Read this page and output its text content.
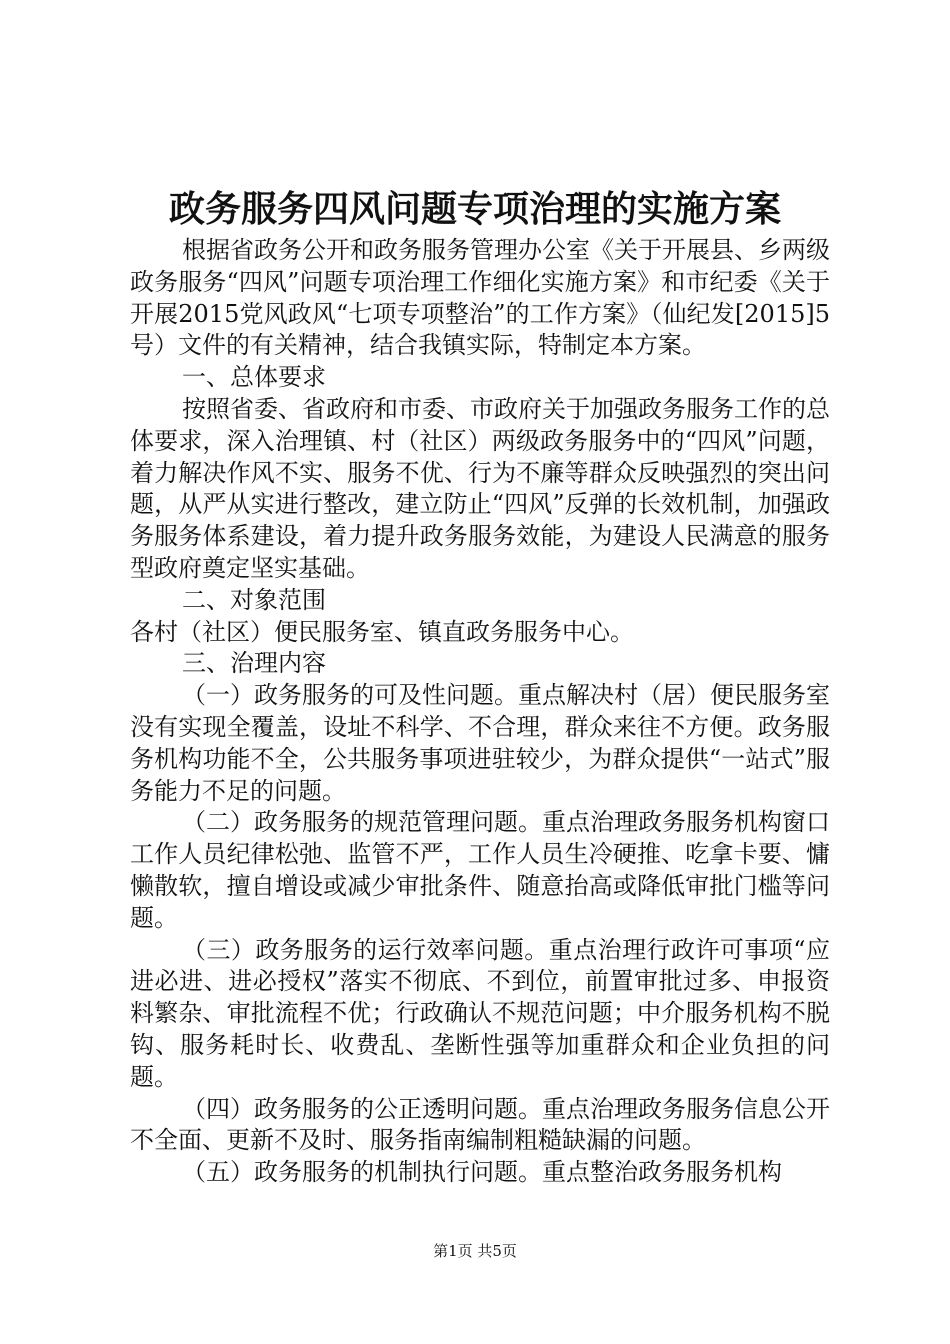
政务服务四风问题专项治理的实施方案

根据省政务公开和政务服务管理办公室《关于开展县、乡两级政务服务“四风”问题专项治理工作细化实施方案》和市纪委《关于开展2015党风政风“七项专项整治”的工作方案》（仙纪发[2015]5号）文件的有关精神，结合我镇实际，特制定本方案。

一、总体要求

按照省委、省政府和市委、市政府关于加强政务服务工作的总体要求，深入治理镇、村（社区）两级政务服务中的“四风”问题，着力解决作风不实、服务不优、行为不廉等群众反映强烈的突出问题，从严从实进行整改，建立防止“四风”反弹的长效机制，加强政务服务体系建设，着力提升政务服务效能，为建设人民满意的服务型政府奠定坚实基础。

二、对象范围

各村（社区）便民服务室、镇直政务服务中心。

三、治理内容

（一）政务服务的可及性问题。重点解决村（居）便民服务室没有实现全覆盖，设址不科学、不合理，群众来往不方便。政务服务机构功能不全，公共服务事项进驻较少，为群众提供“一站式”服务能力不足的问题。

（二）政务服务的规范管理问题。重点治理政务服务机构窗口工作人员纪律松弛、监管不严，工作人员生冷硬推、吃拿卡要、慵懒散软，擅自增设或减少审批条件、随意抬高或降低审批门槛等问题。

（三）政务服务的运行效率问题。重点治理行政许可事项“应进必进、进必授权”落实不彻底、不到位，前置审批过多、申报资料繁杂、审批流程不优；行政确认不规范问题；中介服务机构不脱钩、服务耗时长、收费乱、垄断性强等加重群众和企业负担的问题。

（四）政务服务的公正透明问题。重点治理政务服务信息公开不全面、更新不及时、服务指南编制粗糙缺漏的问题。

（五）政务服务的机制执行问题。重点整治政务服务机构

第1页 共5页
